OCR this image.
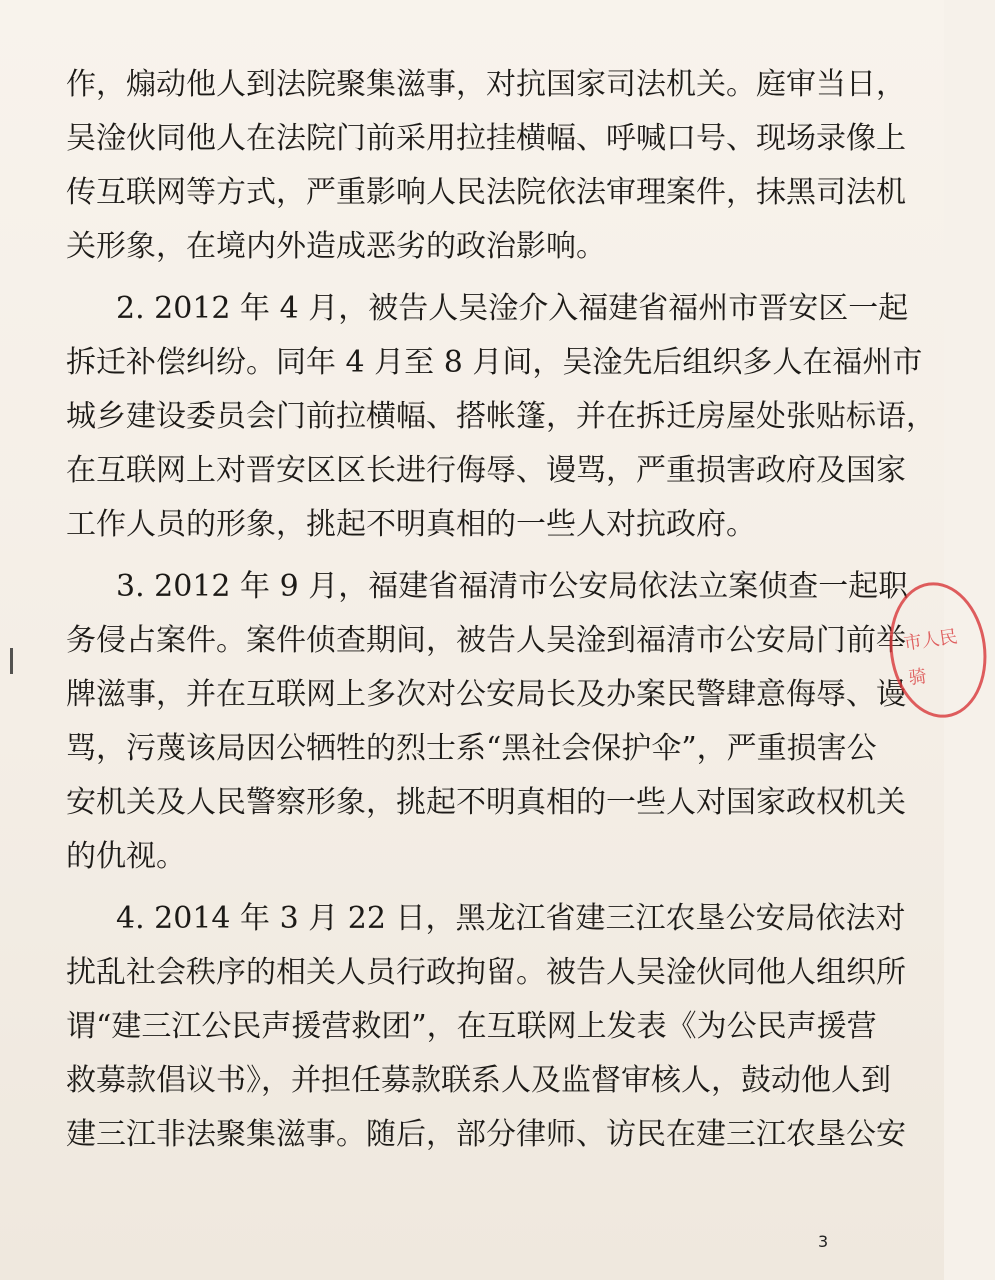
作，煽动他人到法院聚集滋事，对抗国家司法机关。庭审当日，
吴淦伙同他人在法院门前采用拉挂横幅、呼喊口号、现场录像上
传互联网等方式，严重影响人民法院依法审理案件，抹黑司法机
关形象，在境内外造成恶劣的政治影响。
2. 2012 年 4 月，被告人吴淦介入福建省福州市晋安区一起
拆迁补偿纠纷。同年 4 月至 8 月间，吴淦先后组织多人在福州市
城乡建设委员会门前拉横幅、搭帐篷，并在拆迁房屋处张贴标语，
在互联网上对晋安区区长进行侮辱、谩骂，严重损害政府及国家
工作人员的形象，挑起不明真相的一些人对抗政府。
3. 2012 年 9 月，福建省福清市公安局依法立案侦查一起职
务侵占案件。案件侦查期间，被告人吴淦到福清市公安局门前举
牌滋事，并在互联网上多次对公安局长及办案民警肆意侮辱、谩
骂，污蔑该局因公牺牲的烈士系“黑社会保护伞”，严重损害公
安机关及人民警察形象，挑起不明真相的一些人对国家政权机关
的仇视。
4. 2014 年 3 月 22 日，黑龙江省建三江农垦公安局依法对
扰乱社会秩序的相关人员行政拘留。被告人吴淦伙同他人组织所
谓“建三江公民声援营救团”，在互联网上发表《为公民声援营
救募款倡议书》，并担任募款联系人及监督审核人，鼓动他人到
建三江非法聚集滋事。随后，部分律师、访民在建三江农垦公安
市人民
骑
3
